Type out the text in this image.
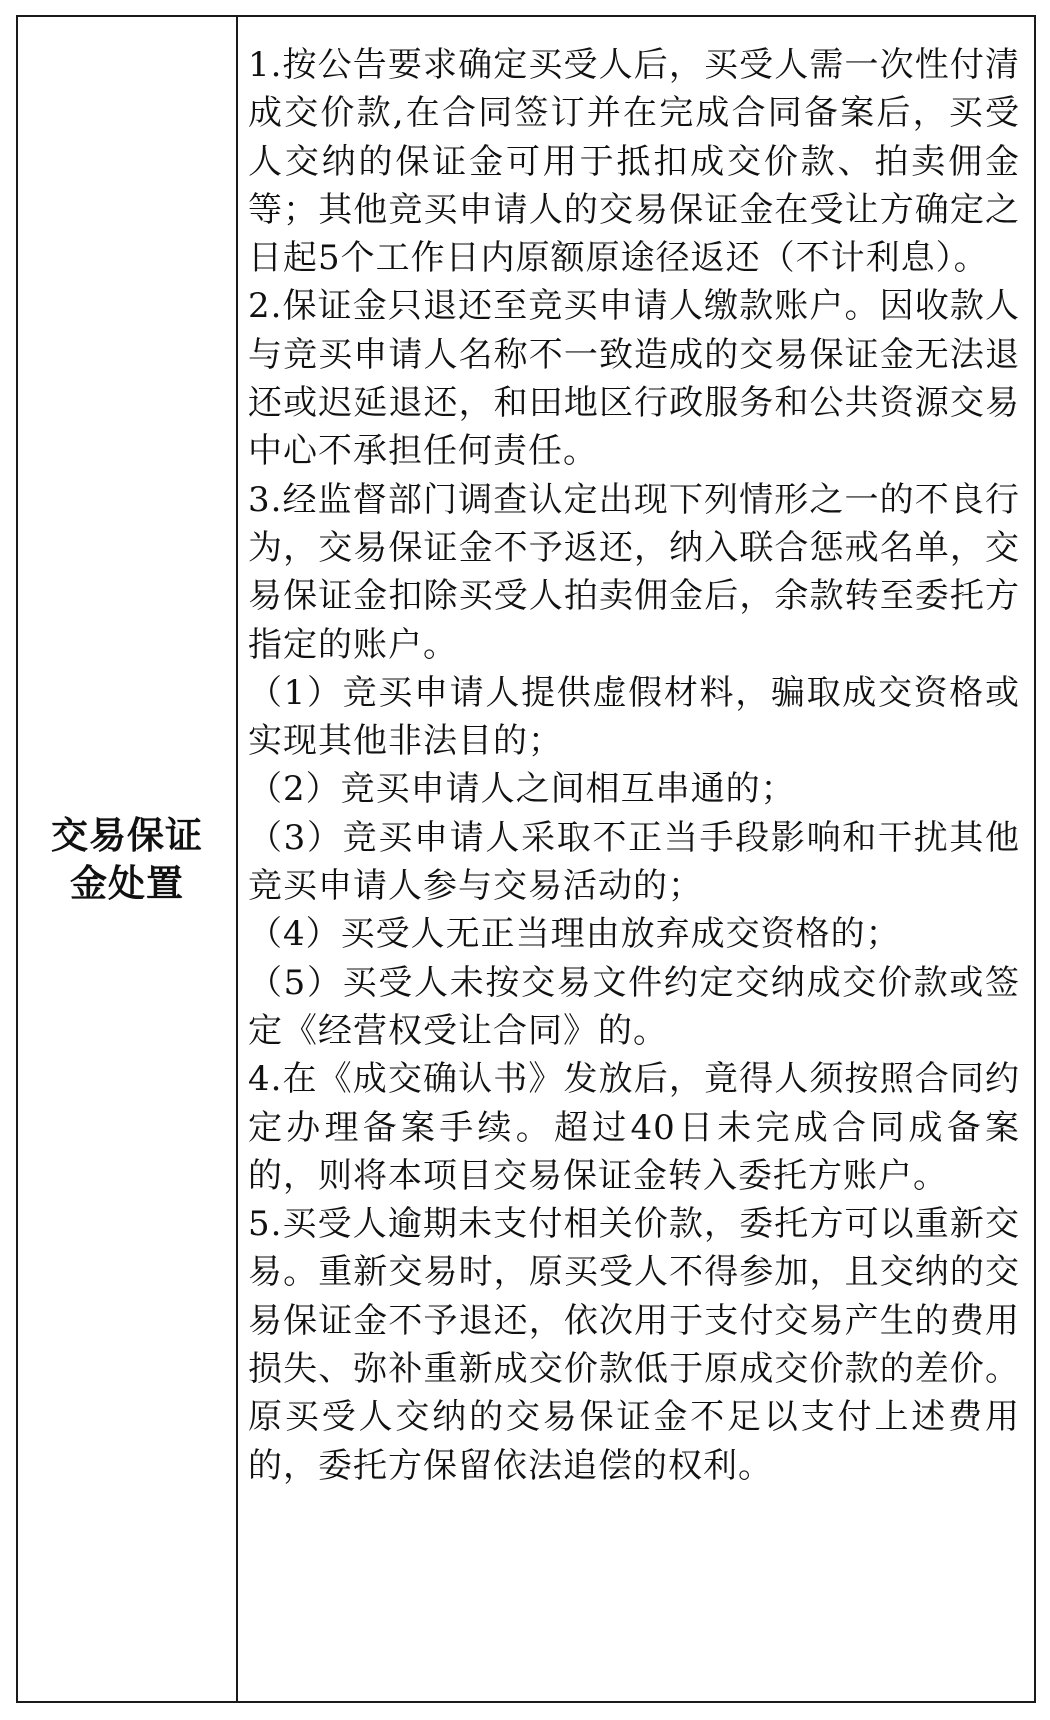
交易保证金处置

1.按公告要求确定买受人后，买受人需一次性付清成交价款,在合同签订并在完成合同备案后，买受人交纳的保证金可用于抵扣成交价款、拍卖佣金等；其他竞买申请人的交易保证金在受让方确定之日起5个工作日内原额原途径返还（不计利息）。

2.保证金只退还至竞买申请人缴款账户。因收款人与竞买申请人名称不一致造成的交易保证金无法退还或迟延退还，和田地区行政服务和公共资源交易中心不承担任何责任。

3.经监督部门调查认定出现下列情形之一的不良行为，交易保证金不予返还，纳入联合惩戒名单，交易保证金扣除买受人拍卖佣金后，余款转至委托方指定的账户。

（1）竞买申请人提供虚假材料，骗取成交资格或实现其他非法目的；

（2）竞买申请人之间相互串通的；

（3）竞买申请人采取不正当手段影响和干扰其他竞买申请人参与交易活动的；

（4）买受人无正当理由放弃成交资格的；

（5）买受人未按交易文件约定交纳成交价款或签定《经营权受让合同》的。

4.在《成交确认书》发放后，竟得人须按照合同约定办理备案手续。超过40日未完成合同成备案的，则将本项目交易保证金转入委托方账户。

5.买受人逾期未支付相关价款，委托方可以重新交易。重新交易时，原买受人不得参加，且交纳的交易保证金不予退还，依次用于支付交易产生的费用损失、弥补重新成交价款低于原成交价款的差价。原买受人交纳的交易保证金不足以支付上述费用的，委托方保留依法追偿的权利。
